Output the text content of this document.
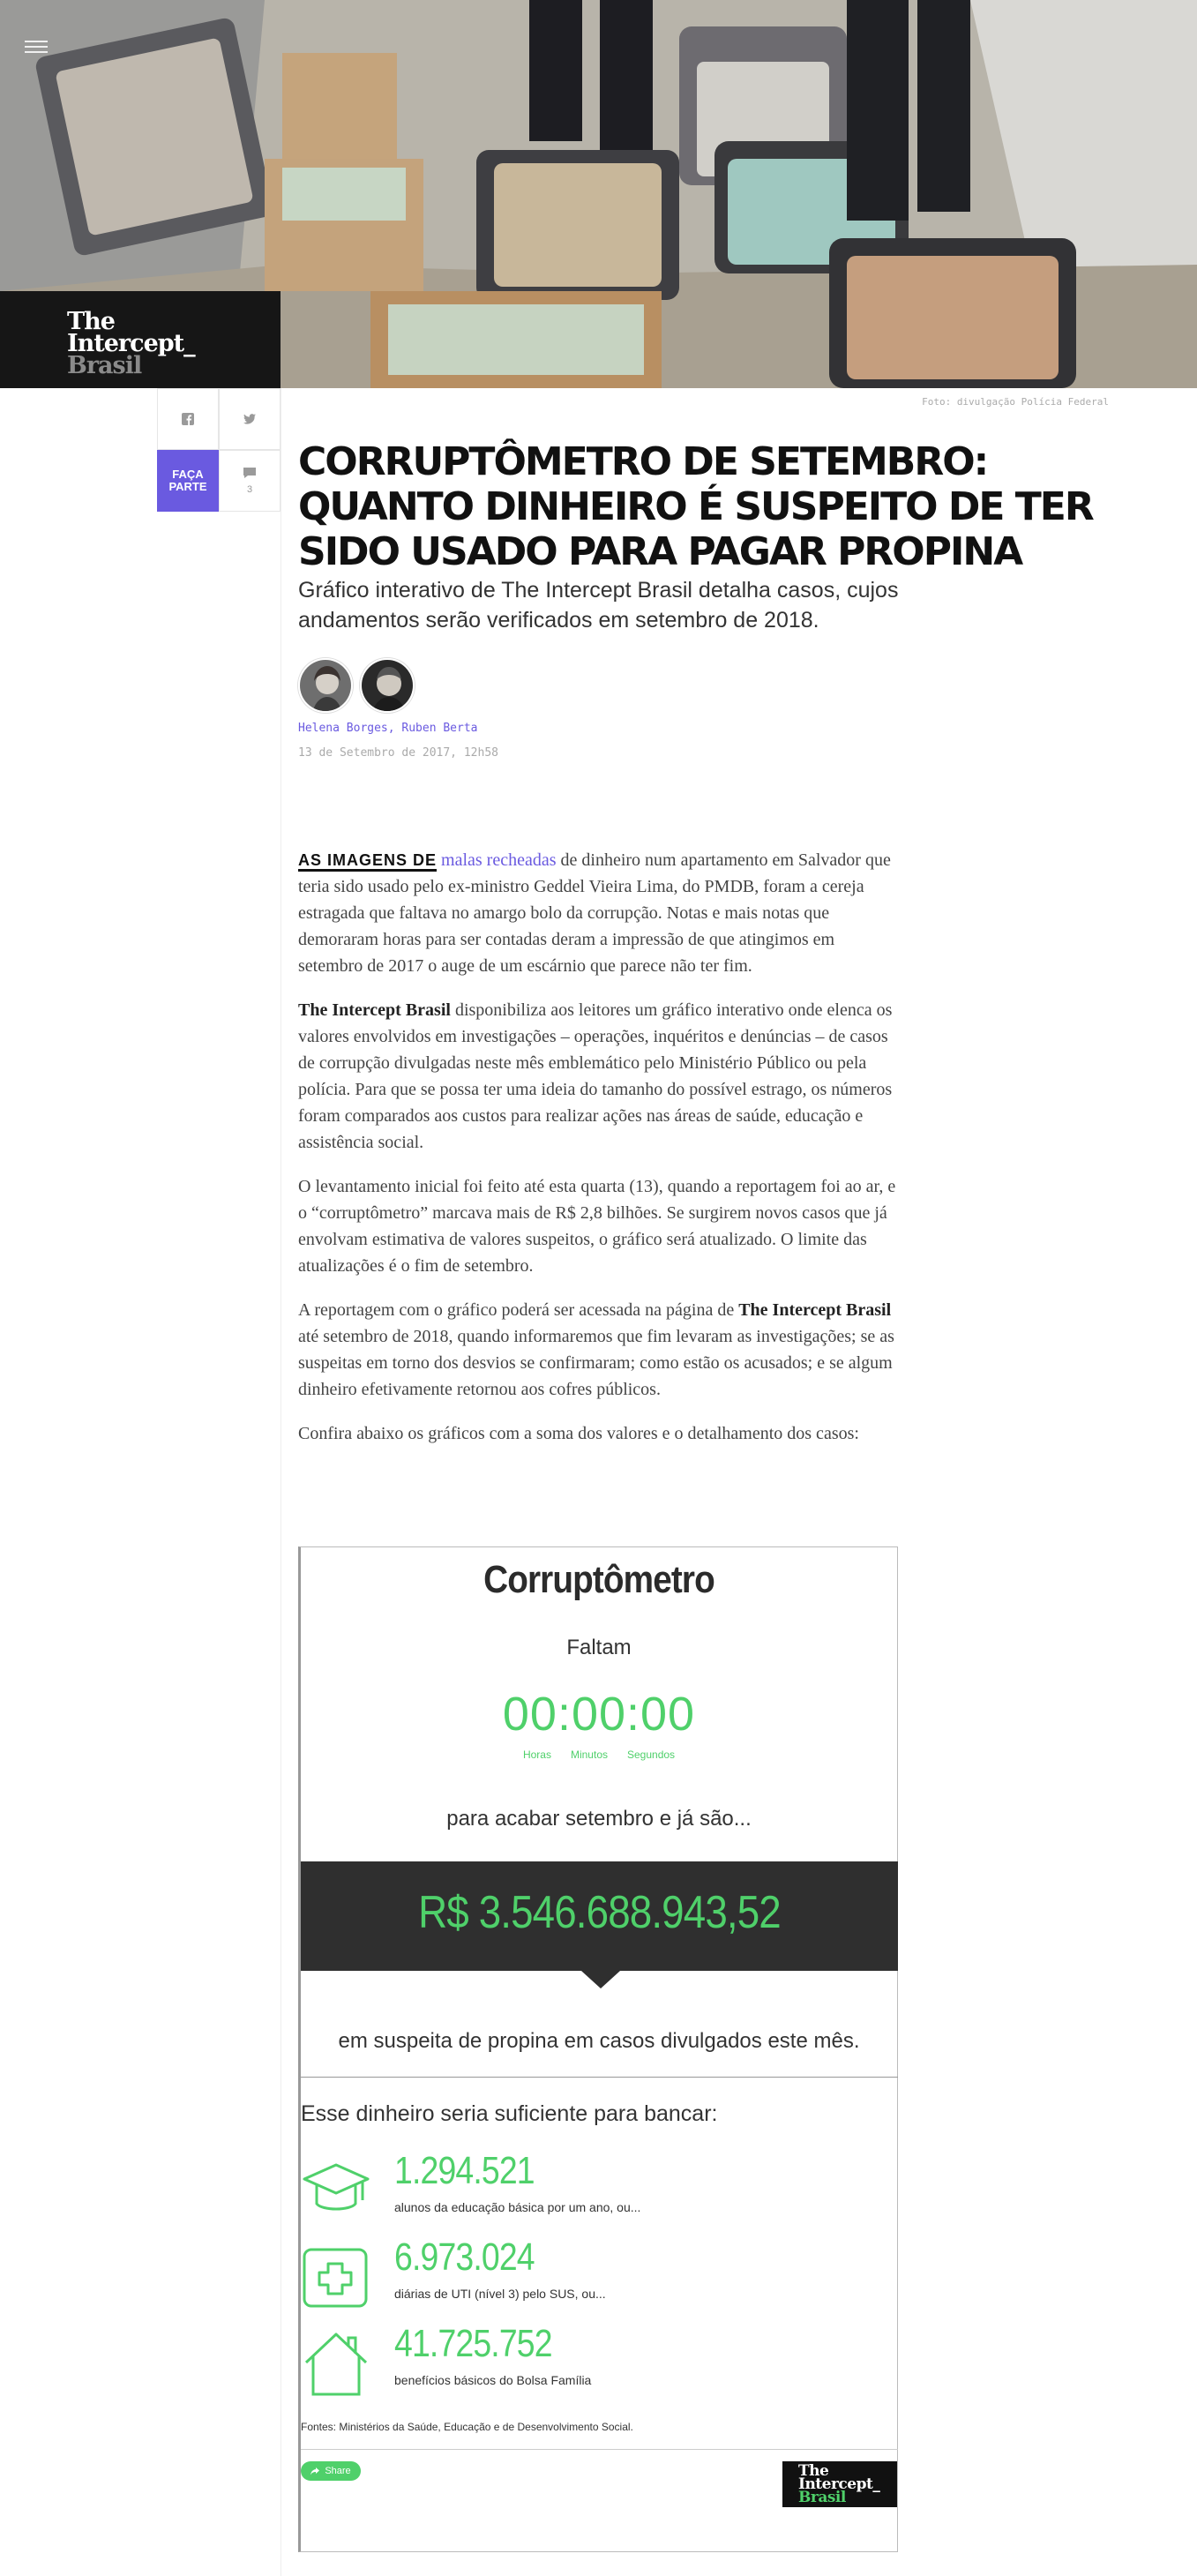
The
Intercept_
Brasil
Foto: divulgação Polícia Federal
FAÇA
PARTE	3
CORRUPTÔMETRO DE SETEMBRO: QUANTO DINHEIRO É SUSPEITO DE TER SIDO USADO PARA PAGAR PROPINA

Gráfico interativo de The Intercept Brasil detalha casos, cujos andamentos serão verificados em setembro de 2018.

Helena Borges, Ruben Berta
13 de Setembro de 2017, 12h58

AS IMAGENS DE malas recheadas de dinheiro num apartamento em Salvador que teria sido usado pelo ex-ministro Geddel Vieira Lima, do PMDB, foram a cereja estragada que faltava no amargo bolo da corrupção. Notas e mais notas que demoraram horas para ser contadas deram a impressão de que atingimos em setembro de 2017 o auge de um escárnio que parece não ter fim.

The Intercept Brasil disponibiliza aos leitores um gráfico interativo onde elenca os valores envolvidos em investigações – operações, inquéritos e denúncias – de casos de corrupção divulgadas neste mês emblemático pelo Ministério Público ou pela polícia. Para que se possa ter uma ideia do tamanho do possível estrago, os números foram comparados aos custos para realizar ações nas áreas de saúde, educação e assistência social.

O levantamento inicial foi feito até esta quarta (13), quando a reportagem foi ao ar, e o “corruptômetro” marcava mais de R$ 2,8 bilhões. Se surgirem novos casos que já envolvam estimativa de valores suspeitos, o gráfico será atualizado. O limite das atualizações é o fim de setembro.

A reportagem com o gráfico poderá ser acessada na página de The Intercept Brasil até setembro de 2018, quando informaremos que fim levaram as investigações; se as suspeitas em torno dos desvios se confirmaram; como estão os acusados; e se algum dinheiro efetivamente retornou aos cofres públicos.

Confira abaixo os gráficos com a soma dos valores e o detalhamento dos casos:

Corruptômetro
Faltam
00:00:00
Horas Minutos Segundos
para acabar setembro e já são...
R$ 3.546.688.943,52
em suspeita de propina em casos divulgados este mês.
Esse dinheiro seria suficiente para bancar:
1.294.521
alunos da educação básica por um ano, ou...
6.973.024
diárias de UTI (nível 3) pelo SUS, ou...
41.725.752
benefícios básicos do Bolsa Família
Fontes: Ministérios da Saúde, Educação e de Desenvolvimento Social.
Share	The
Intercept_
Brasil
